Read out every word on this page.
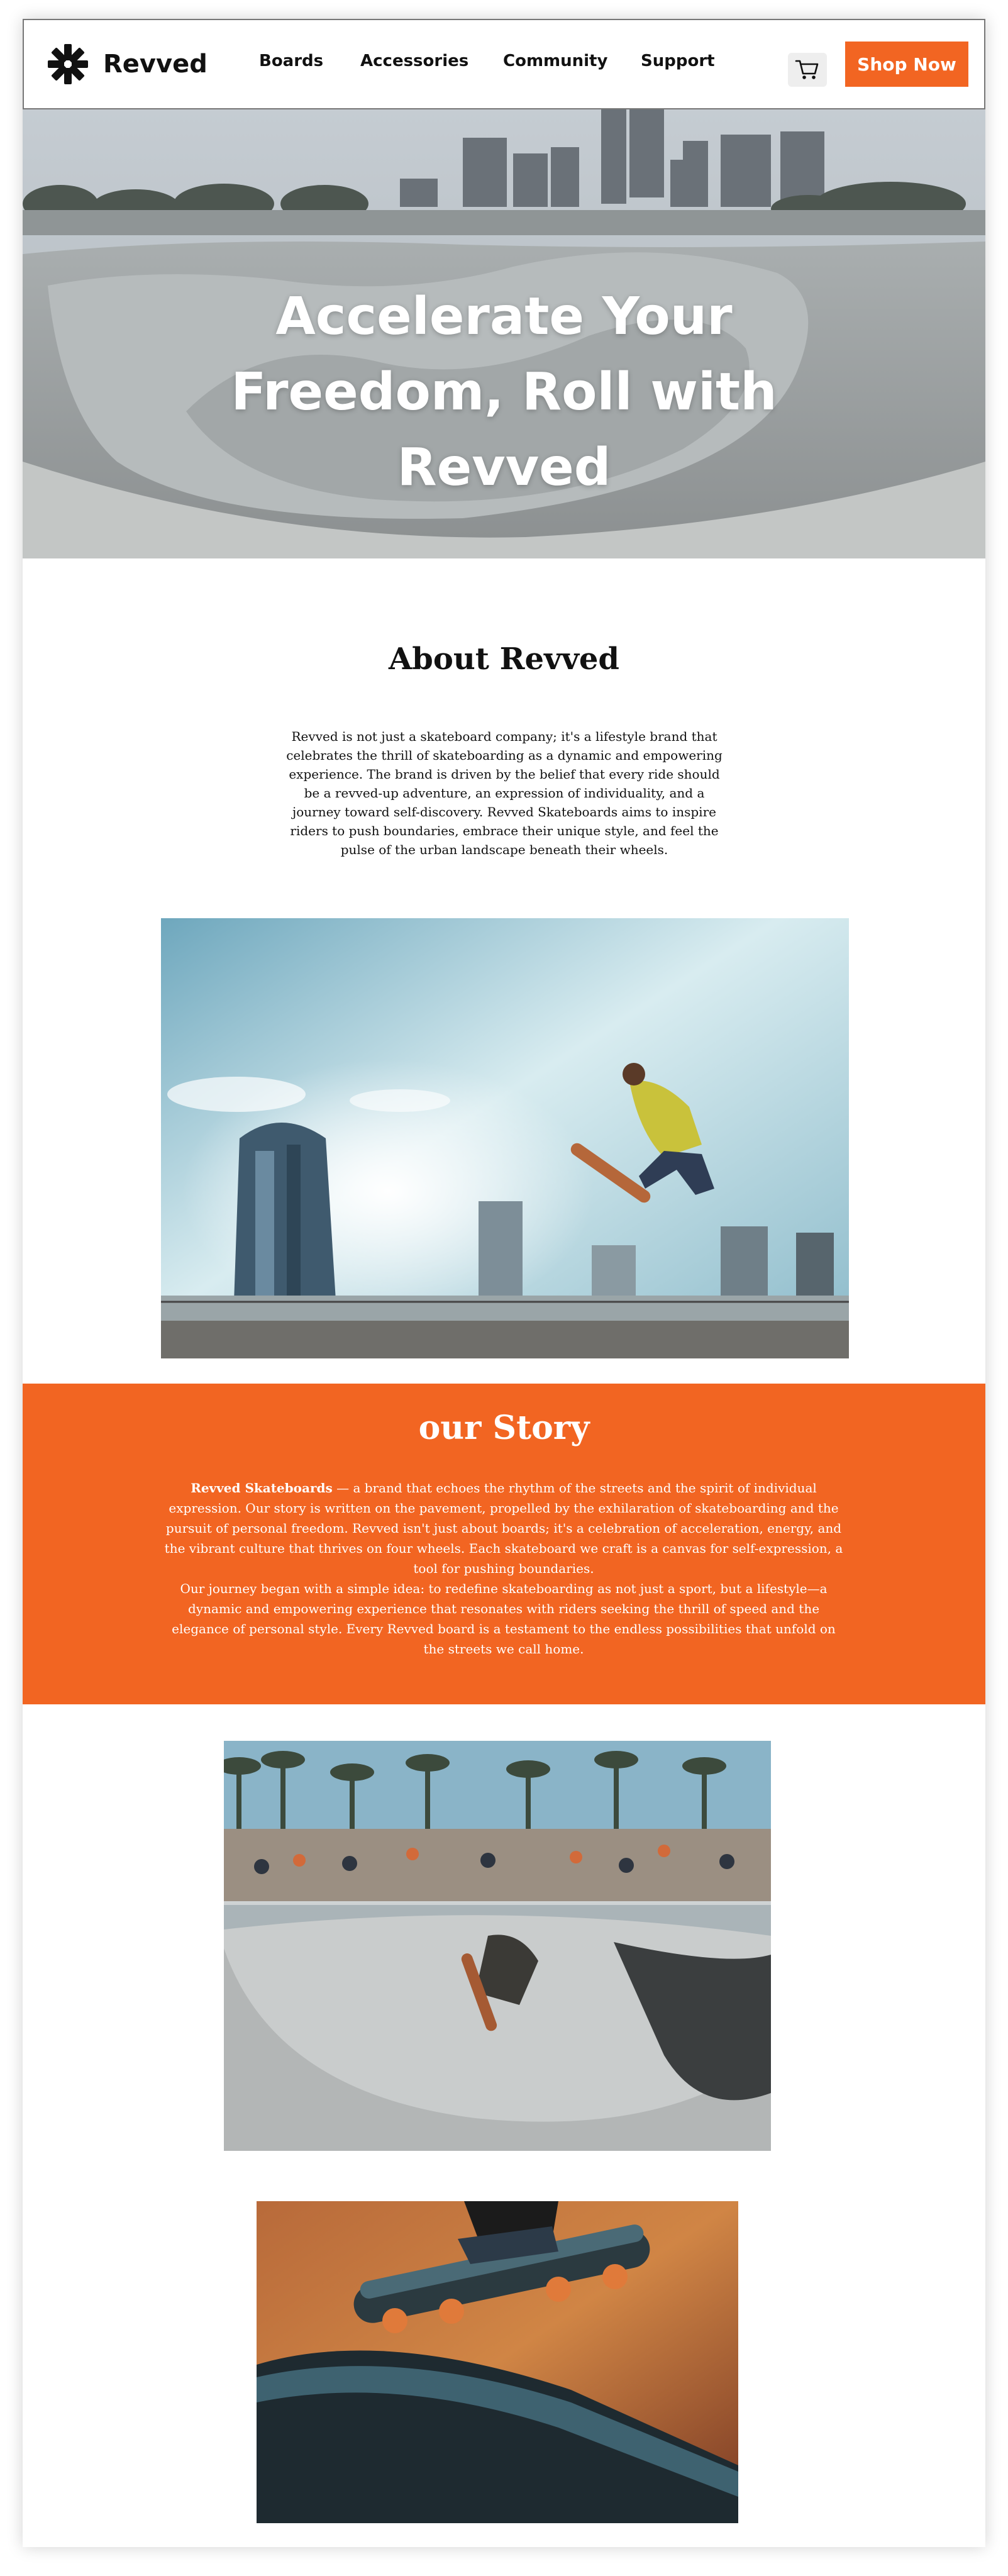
Revved	Boards Accessories Community Support	Shop Now
Accelerate Your
Freedom, Roll with
Revved
About Revved

Revved is not just a skateboard company; it's a lifestyle brand that celebrates the thrill of skateboarding as a dynamic and empowering experience. The brand is driven by the belief that every ride should be a revved-up adventure, an expression of individuality, and a journey toward self-discovery. Revved Skateboards aims to inspire riders to push boundaries, embrace their unique style, and feel the pulse of the urban landscape beneath their wheels.

our Story

Revved Skateboards — a brand that echoes the rhythm of the streets and the spirit of individual expression. Our story is written on the pavement, propelled by the exhilaration of skateboarding and the pursuit of personal freedom. Revved isn't just about boards; it's a celebration of acceleration, energy, and the vibrant culture that thrives on four wheels. Each skateboard we craft is a canvas for self-expression, a tool for pushing boundaries.

Our journey began with a simple idea: to redefine skateboarding as not just a sport, but a lifestyle—a dynamic and empowering experience that resonates with riders seeking the thrill of speed and the elegance of personal style. Every Revved board is a testament to the endless possibilities that unfold on the streets we call home.
